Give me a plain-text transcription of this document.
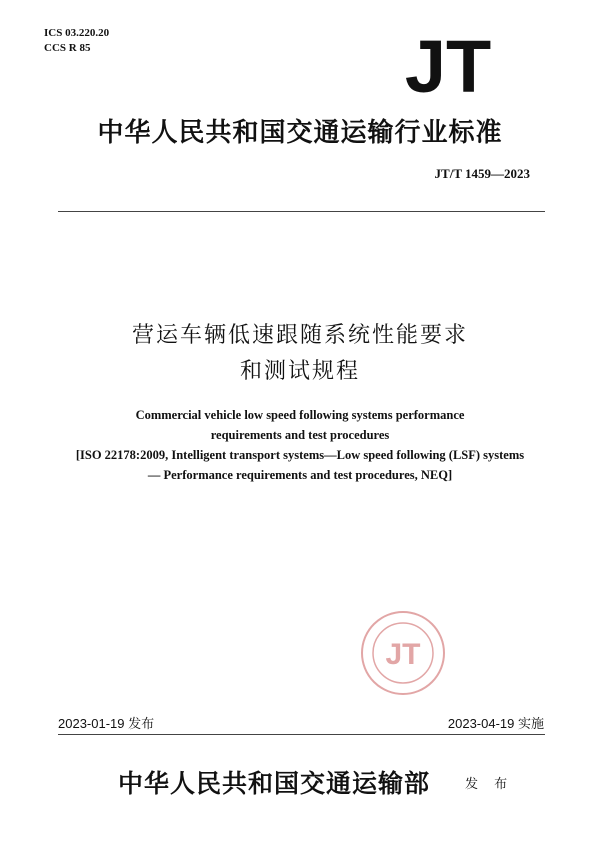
ICS 03.220.20
CCS R 85	JT
中华人民共和国交通运输行业标准
JT/T 1459—2023
营运车辆低速跟随系统性能要求
和测试规程
Commercial vehicle low speed following systems performance
requirements and test procedures
[ISO 22178:2009, Intelligent transport systems—Low speed following (LSF) systems
— Performance requirements and test procedures, NEQ]
JT
2023-01-19 发布	2023-04-19 实施
中华人民共和国交通运输部	发 布
